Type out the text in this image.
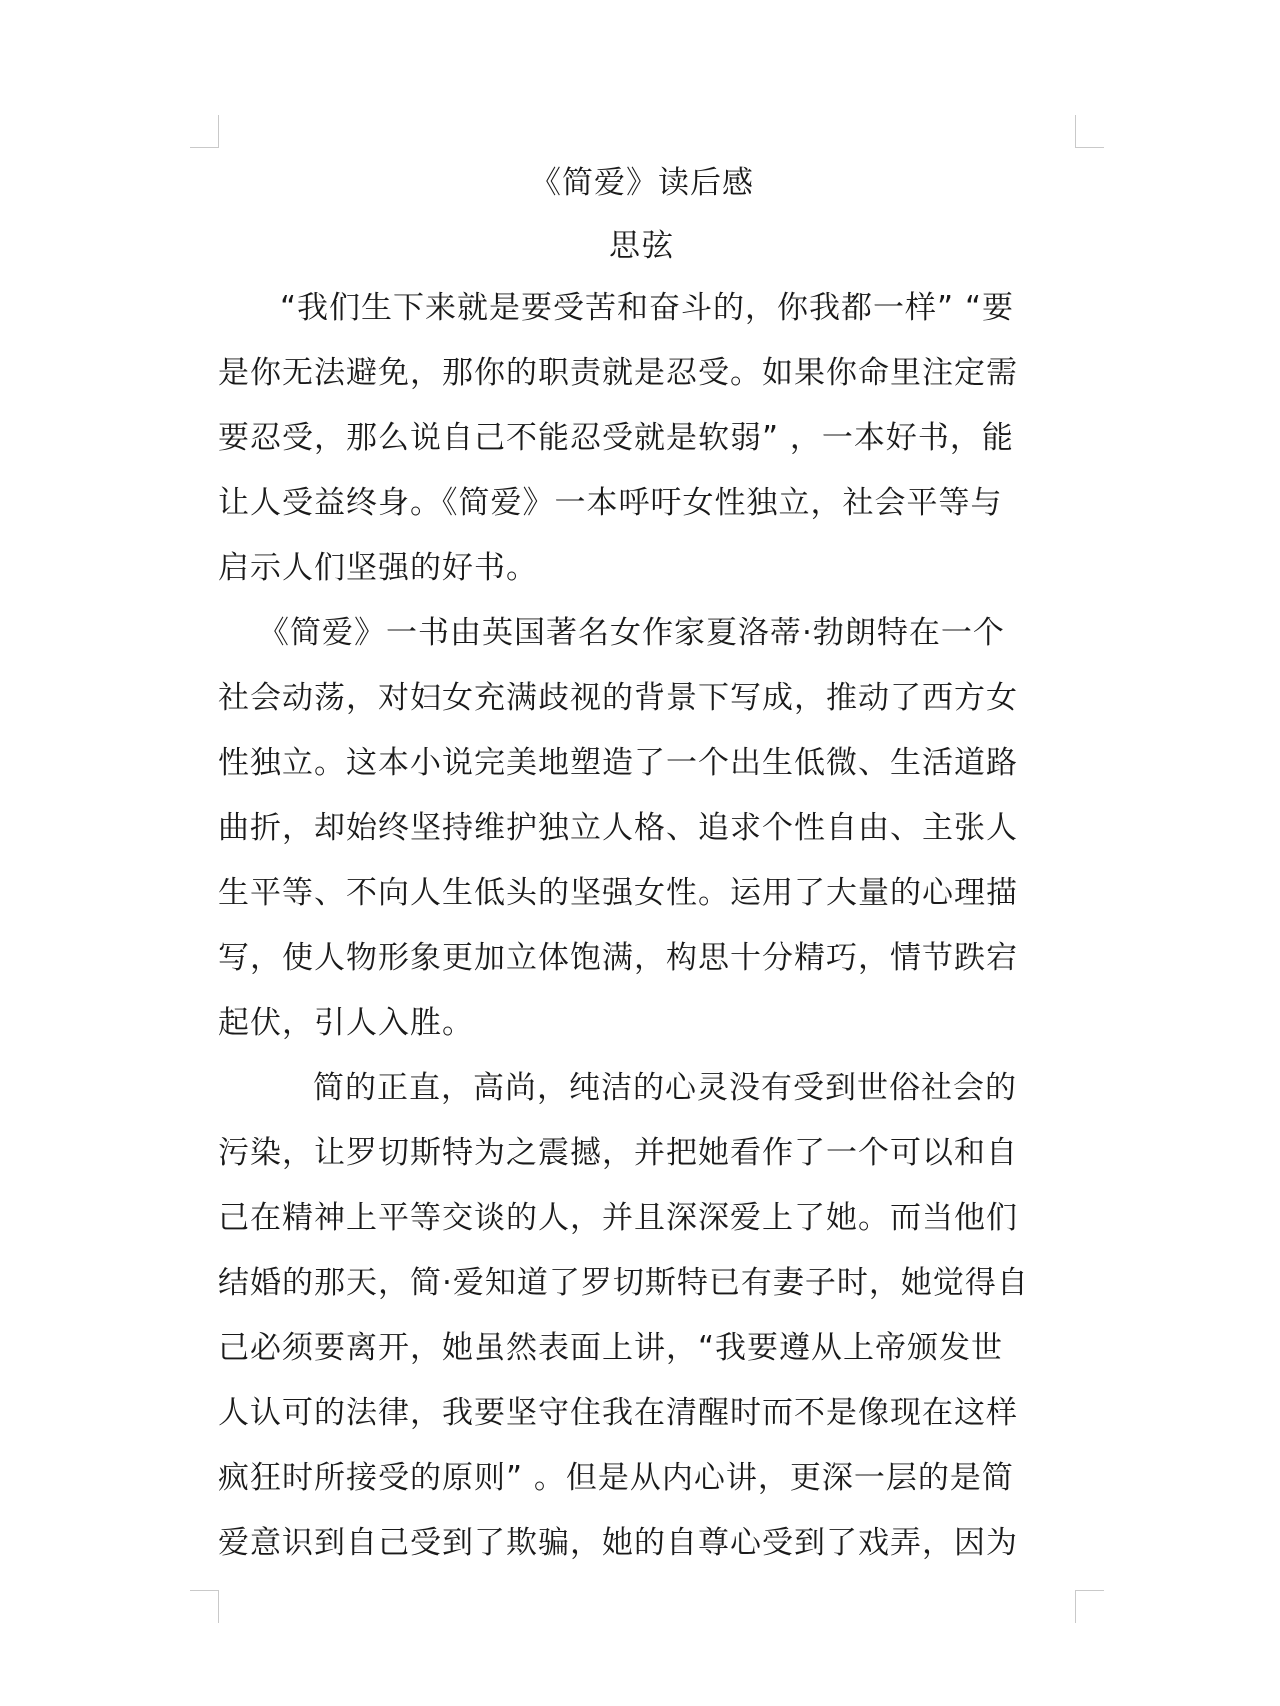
《简爱》读后感
思弦
“我们生下来就是要受苦和奋斗的，你我都一样” “要
是你无法避免，那你的职责就是忍受。如果你命里注定需
要忍受，那么说自己不能忍受就是软弱” ，一本好书，能
让人受益终身。《简爱》一本呼吁女性独立，社会平等与
启示人们坚强的好书。
《简爱》一书由英国著名女作家夏洛蒂·勃朗特在一个
社会动荡，对妇女充满歧视的背景下写成，推动了西方女
性独立。这本小说完美地塑造了一个出生低微、生活道路
曲折，却始终坚持维护独立人格、追求个性自由、主张人
生平等、不向人生低头的坚强女性。运用了大量的心理描
写，使人物形象更加立体饱满，构思十分精巧，情节跌宕
起伏，引人入胜。
简的正直，高尚，纯洁的心灵没有受到世俗社会的
污染，让罗切斯特为之震撼，并把她看作了一个可以和自
己在精神上平等交谈的人，并且深深爱上了她。而当他们
结婚的那天，简·爱知道了罗切斯特已有妻子时，她觉得自
己必须要离开，她虽然表面上讲，“我要遵从上帝颁发世
人认可的法律，我要坚守住我在清醒时而不是像现在这样
疯狂时所接受的原则” 。但是从内心讲，更深一层的是简
爱意识到自己受到了欺骗，她的自尊心受到了戏弄，因为
